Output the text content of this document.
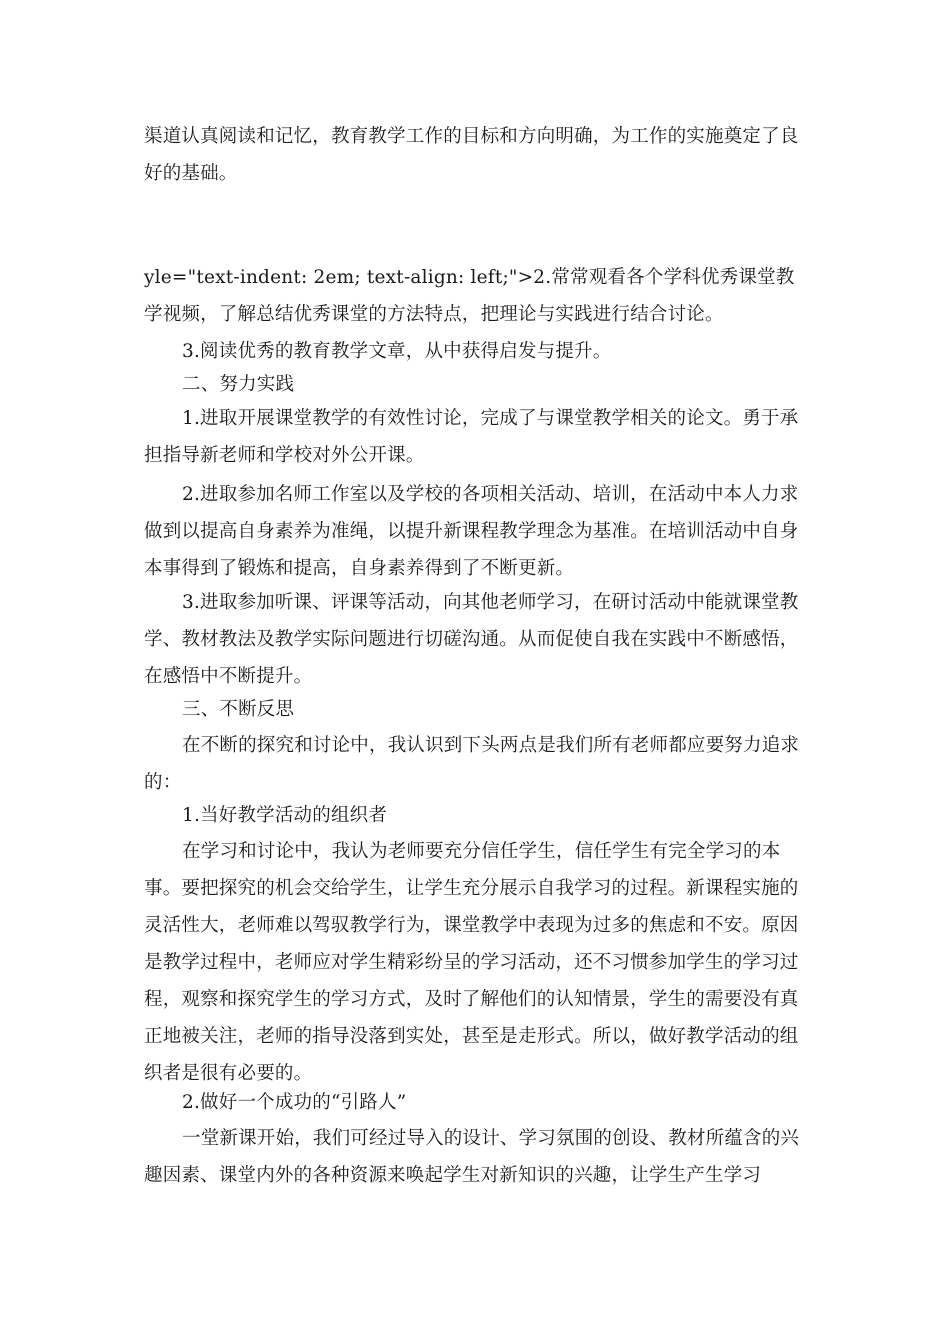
渠道认真阅读和记忆，教育教学工作的目标和方向明确，为工作的实施奠定了良好的基础。

yle="text-indent: 2em; text-align: left;">2.常常观看各个学科优秀课堂教学视频，了解总结优秀课堂的方法特点，把理论与实践进行结合讨论。

3.阅读优秀的教育教学文章，从中获得启发与提升。

二、努力实践

1.进取开展课堂教学的有效性讨论，完成了与课堂教学相关的论文。勇于承担指导新老师和学校对外公开课。

2.进取参加名师工作室以及学校的各项相关活动、培训，在活动中本人力求做到以提高自身素养为准绳，以提升新课程教学理念为基准。在培训活动中自身本事得到了锻炼和提高，自身素养得到了不断更新。

3.进取参加听课、评课等活动，向其他老师学习，在研讨活动中能就课堂教学、教材教法及教学实际问题进行切磋沟通。从而促使自我在实践中不断感悟，在感悟中不断提升。

三、不断反思

在不断的探究和讨论中，我认识到下头两点是我们所有老师都应要努力追求的：

1.当好教学活动的组织者

在学习和讨论中，我认为老师要充分信任学生，信任学生有完全学习的本事。要把探究的机会交给学生，让学生充分展示自我学习的过程。新课程实施的灵活性大，老师难以驾驭教学行为，课堂教学中表现为过多的焦虑和不安。原因是教学过程中，老师应对学生精彩纷呈的学习活动，还不习惯参加学生的学习过程，观察和探究学生的学习方式，及时了解他们的认知情景，学生的需要没有真正地被关注，老师的指导没落到实处，甚至是走形式。所以，做好教学活动的组织者是很有必要的。

2.做好一个成功的“引路人”

一堂新课开始，我们可经过导入的设计、学习氛围的创设、教材所蕴含的兴趣因素、课堂内外的各种资源来唤起学生对新知识的兴趣，让学生产生学习
